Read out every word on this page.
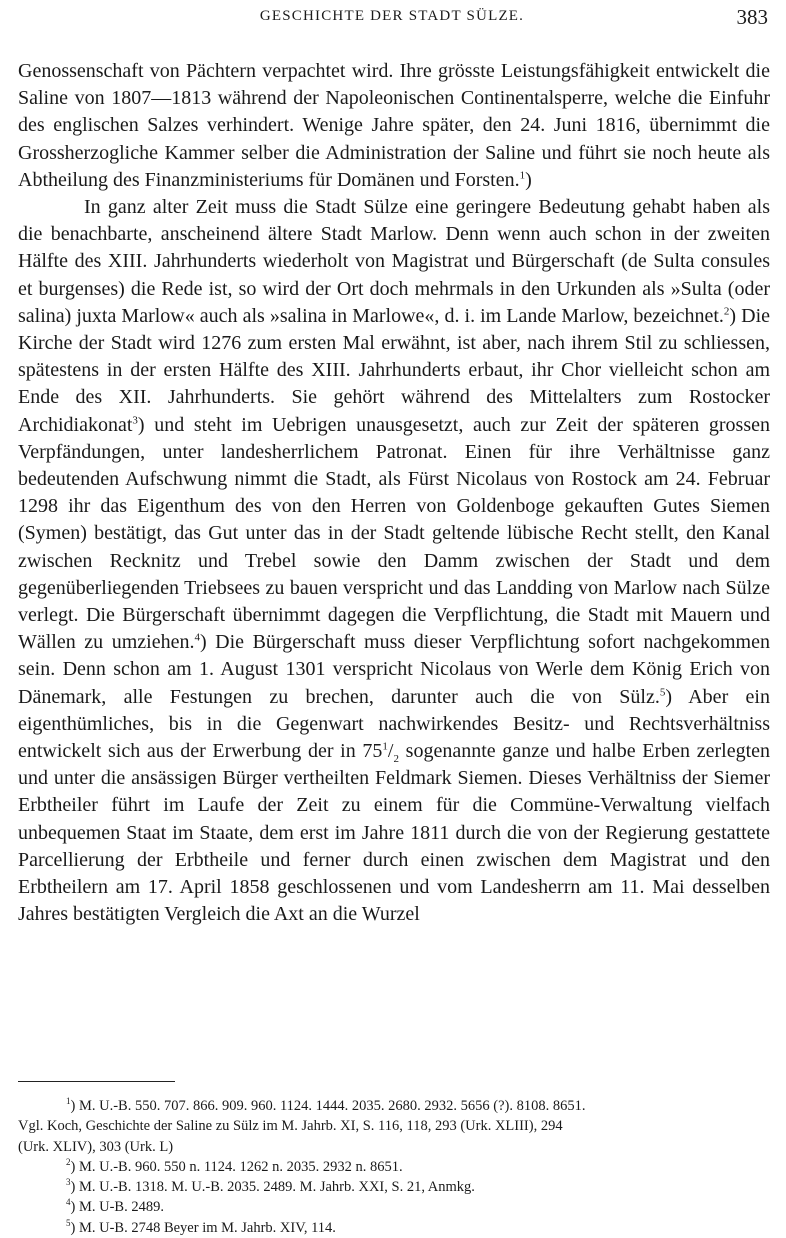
GESCHICHTE DER STADT SÜLZE.	383

Genossenschaft von Pächtern verpachtet wird. Ihre grösste Leistungsfähigkeit entwickelt die Saline von 1807—1813 während der Napoleonischen Continentalsperre, welche die Einfuhr des englischen Salzes verhindert. Wenige Jahre später, den 24. Juni 1816, übernimmt die Grossherzogliche Kammer selber die Administration der Saline und führt sie noch heute als Abtheilung des Finanzministeriums für Domänen und Forsten.$^1$)

In ganz alter Zeit muss die Stadt Sülze eine geringere Bedeutung gehabt haben als die benachbarte, anscheinend ältere Stadt Marlow. Denn wenn auch schon in der zweiten Hälfte des XIII. Jahrhunderts wiederholt von Magistrat und Bürgerschaft (de Sulta consules et burgenses) die Rede ist, so wird der Ort doch mehrmals in den Urkunden als »Sulta (oder salina) juxta Marlow« auch als »salina in Marlowe«, d. i. im Lande Marlow, bezeichnet.$^2$) Die Kirche der Stadt wird 1276 zum ersten Mal erwähnt, ist aber, nach ihrem Stil zu schliessen, spätestens in der ersten Hälfte des XIII. Jahrhunderts erbaut, ihr Chor vielleicht schon am Ende des XII. Jahrhunderts. Sie gehört während des Mittelalters zum Rostocker Archidiakonat$^3$) und steht im Uebrigen unausgesetzt, auch zur Zeit der späteren grossen Verpfändungen, unter landesherrlichem Patronat. Einen für ihre Verhältnisse ganz bedeutenden Aufschwung nimmt die Stadt, als Fürst Nicolaus von Rostock am 24. Februar 1298 ihr das Eigenthum des von den Herren von Goldenboge gekauften Gutes Siemen (Symen) bestätigt, das Gut unter das in der Stadt geltende lübische Recht stellt, den Kanal zwischen Recknitz und Trebel sowie den Damm zwischen der Stadt und dem gegenüberliegenden Triebsees zu bauen verspricht und das Landding von Marlow nach Sülze verlegt. Die Bürgerschaft übernimmt dagegen die Verpflichtung, die Stadt mit Mauern und Wällen zu umziehen.$^4$) Die Bürgerschaft muss dieser Verpflichtung sofort nachgekommen sein. Denn schon am 1. August 1301 verspricht Nicolaus von Werle dem König Erich von Dänemark, alle Festungen zu brechen, darunter auch die von Sülz.$^5$) Aber ein eigenthümliches, bis in die Gegenwart nachwirkendes Besitz- und Rechtsverhältniss entwickelt sich aus der Erwerbung der in $75^1/_2$ sogenannte ganze und halbe Erben zerlegten und unter die ansässigen Bürger vertheilten Feldmark Siemen. Dieses Verhältniss der Siemer Erbtheiler führt im Laufe der Zeit zu einem für die Commüne-Verwaltung vielfach unbequemen Staat im Staate, dem erst im Jahre 1811 durch die von der Regierung gestattete Parcellierung der Erbtheile und ferner durch einen zwischen dem Magistrat und den Erbtheilern am 17. April 1858 geschlossenen und vom Landesherrn am 11. Mai desselben Jahres bestätigten Vergleich die Axt an die Wurzel

$^1$) M. U.-B. 550. 707. 866. 909. 960. 1124. 1444. 2035. 2680. 2932. 5656 (?). 8108. 8651.

Vgl. Koch, Geschichte der Saline zu Sülz im M. Jahrb. XI, S. 116, 118, 293 (Urk. XLIII), 294

(Urk. XLIV), 303 (Urk. L)

$^2$) M. U.-B. 960. 550 n. 1124. 1262 n. 2035. 2932 n. 8651.

$^3$) M. U.-B. 1318. M. U.-B. 2035. 2489. M. Jahrb. XXI, S. 21, Anmkg.

$^4$) M. U-B. 2489.

$^5$) M. U-B. 2748 Beyer im M. Jahrb. XIV, 114.
